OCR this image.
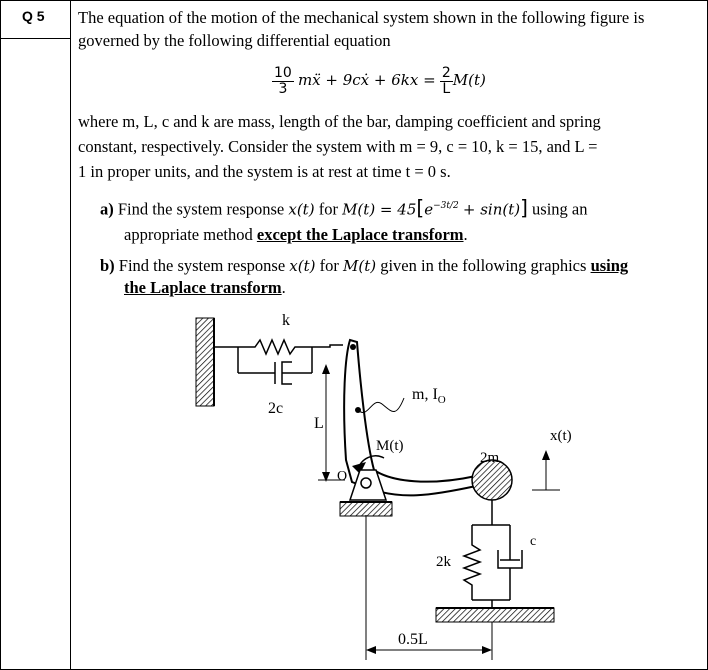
Q 5 The equation of the motion of the mechanical system shown in the following figure is
governed by the following differential equation
$\frac{10}{3}$ mẍ + 9cẋ + $6kx = \frac{2}{L} M(t)$
where m, L, c and k are mass, length of the bar, damping coefficient and spring
constant, respectively. Consider the system with m = 9, c = 10, k = 15, and L =
1 in proper units, and the system is at rest at time t = 0 s.
a) Find the system response x(t) for $M(t) = 45[e^{-3t/2} + \sin(t)]$ using an
appropriate method except the Laplace transform.
b) Find the system response x(t) for M(t) given in the following graphics using
the Laplace transform.
k
2c
L
m, $I_O$
M(t)
O
2m
x(t)
2k
c
0.5L
